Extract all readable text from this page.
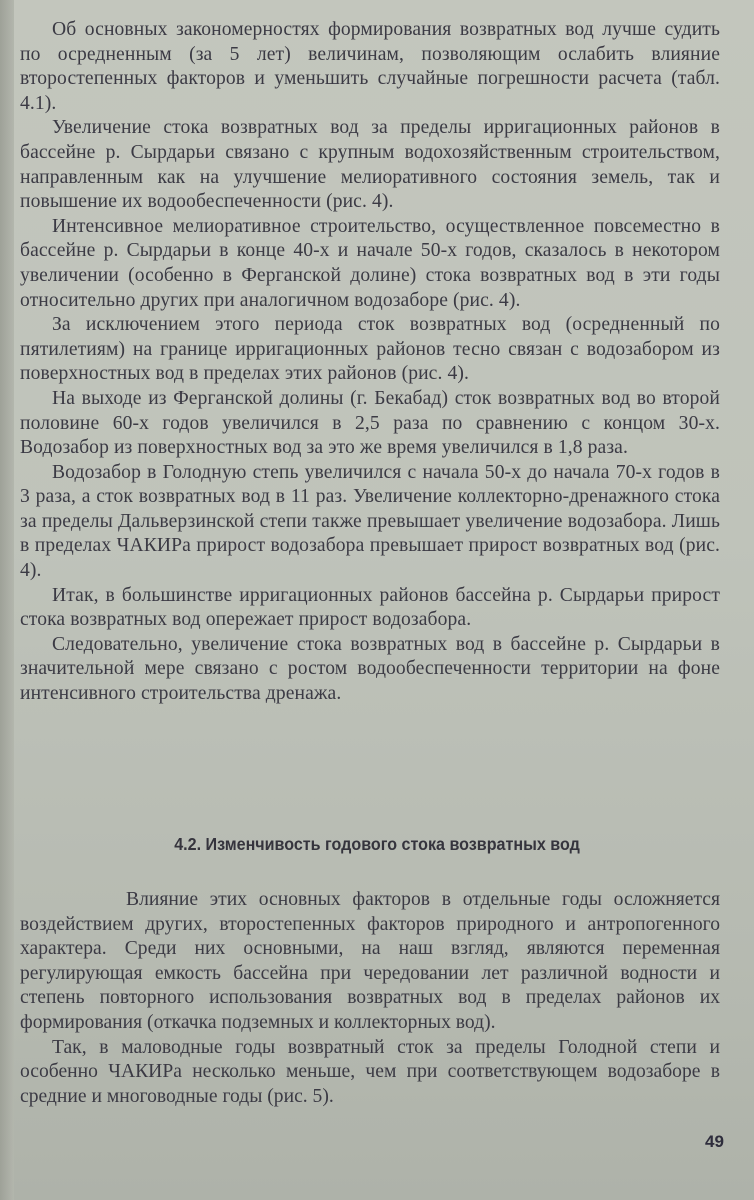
Об основных закономерностях формирования возвратных вод лучше судить по осредненным (за 5 лет) величинам, позволяющим ослабить влияние второстепенных факторов и уменьшить случайные погрешности расчета (табл. 4.1).

Увеличение стока возвратных вод за пределы ирригационных районов в бассейне р. Сырдарьи связано с крупным водохозяйственным строительством, направленным как на улучшение мелиоративного состояния земель, так и повышение их водообеспеченности (рис. 4).

Интенсивное мелиоративное строительство, осуществленное повсеместно в бассейне р. Сырдарьи в конце 40-х и начале 50-х годов, сказалось в некотором увеличении (особенно в Ферганской долине) стока возвратных вод в эти годы относительно других при аналогичном водозаборе (рис. 4).

За исключением этого периода сток возвратных вод (осредненный по пятилетиям) на границе ирригационных районов тесно связан с водозабором из поверхностных вод в пределах этих районов (рис. 4).

На выходе из Ферганской долины (г. Бекабад) сток возвратных вод во второй половине 60-х годов увеличился в 2,5 раза по сравнению с концом 30-х. Водозабор из поверхностных вод за это же время увеличился в 1,8 раза.

Водозабор в Голодную степь увеличился с начала 50-х до начала 70-х годов в 3 раза, а сток возвратных вод в 11 раз. Увеличение коллекторно-дренажного стока за пределы Дальверзинской степи также превышает увеличение водозабора. Лишь в пределах ЧАКИРа прирост водозабора превышает прирост возвратных вод (рис. 4).

Итак, в большинстве ирригационных районов бассейна р. Сырдарьи прирост стока возвратных вод опережает прирост водозабора.

Следовательно, увеличение стока возвратных вод в бассейне р. Сырдарьи в значительной мере связано с ростом водообеспеченности территории на фоне интенсивного строительства дренажа.

4.2. Изменчивость годового стока возвратных вод

Влияние этих основных факторов в отдельные годы осложняется воздействием других, второстепенных факторов природного и антропогенного характера. Среди них основными, на наш взгляд, являются переменная регулирующая емкость бассейна при чередовании лет различной водности и степень повторного использования возвратных вод в пределах районов их формирования (откачка подземных и коллекторных вод).

Так, в маловодные годы возвратный сток за пределы Голодной степи и особенно ЧАКИРа несколько меньше, чем при соответствующем водозаборе в средние и многоводные годы (рис. 5).

49
